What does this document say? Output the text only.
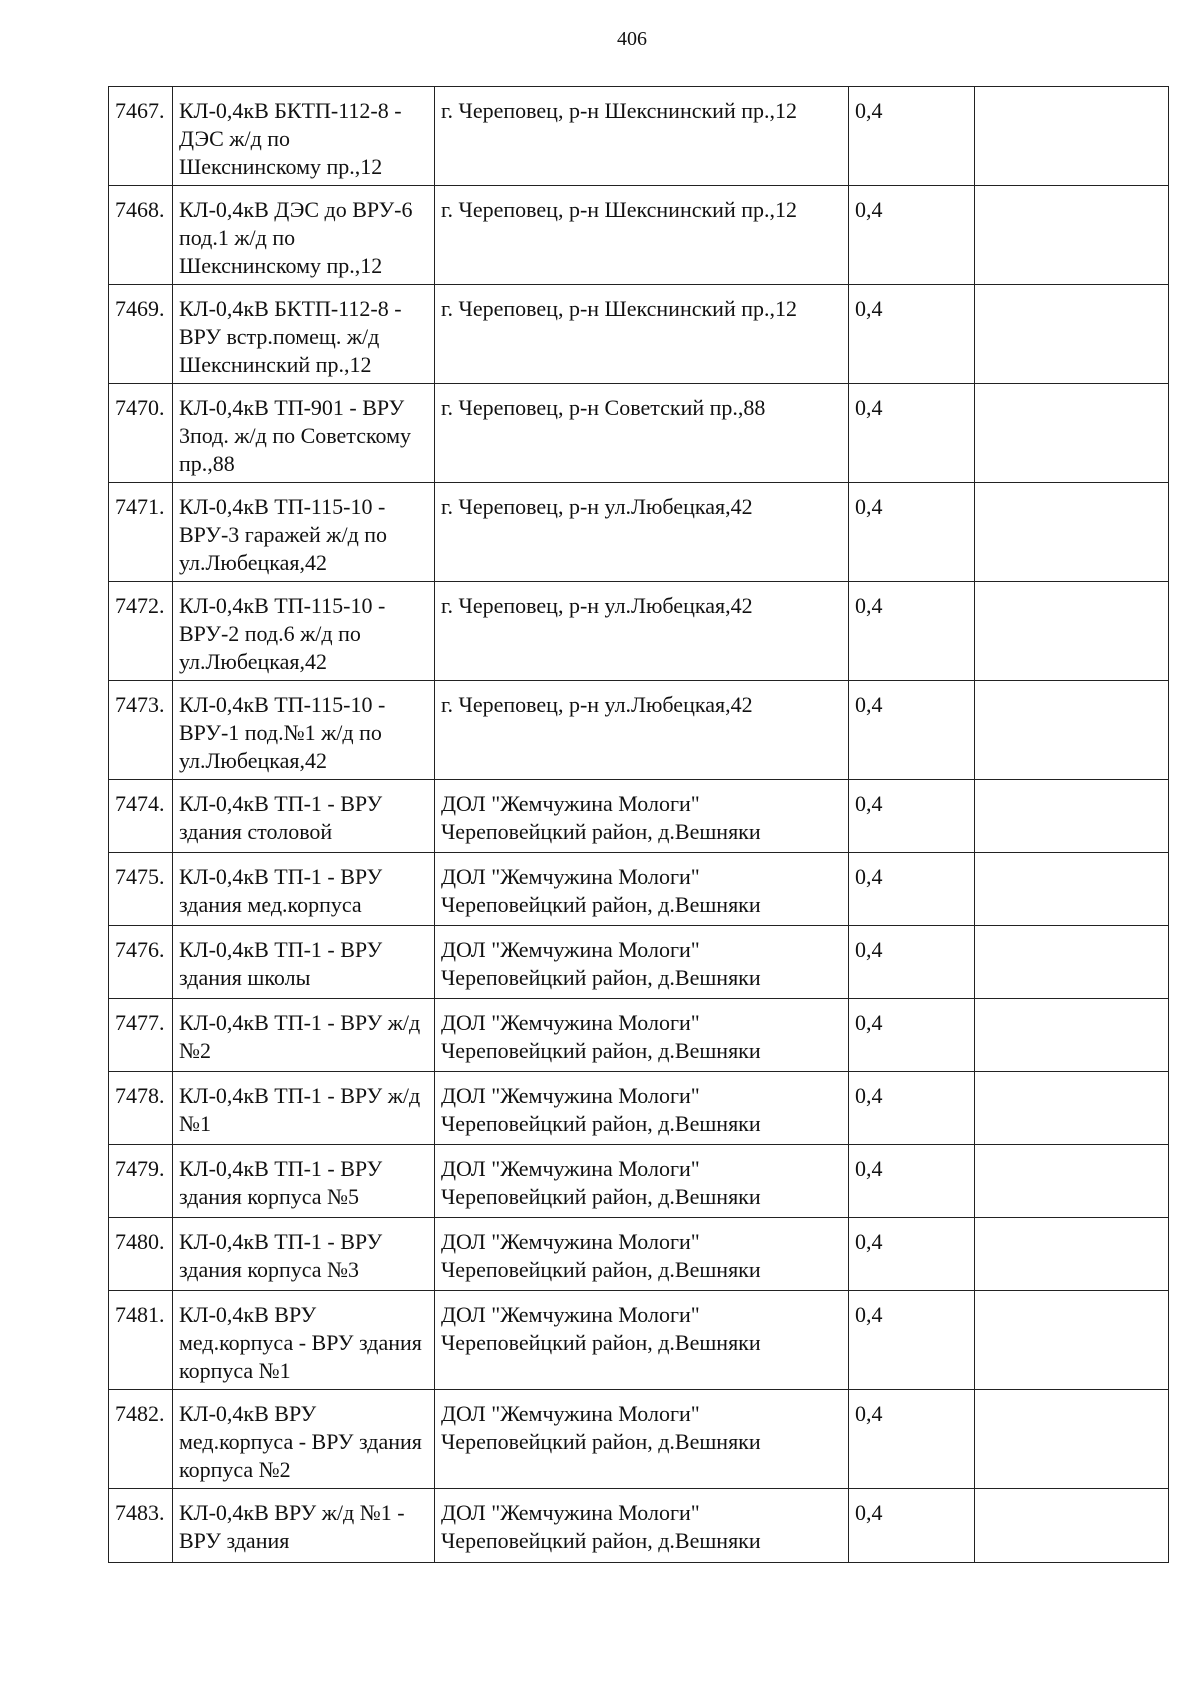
406
7467.	КЛ-0,4кВ БКТП-112-8 - ДЭС ж/д по Шекснинскому пр.,12	г. Череповец, р-н Шекснинский пр.,12	0,4	
7468.	КЛ-0,4кВ ДЭС до ВРУ-6 под.1 ж/д по Шекснинскому пр.,12	г. Череповец, р-н Шекснинский пр.,12	0,4	
7469.	КЛ-0,4кВ БКТП-112-8 - ВРУ встр.помещ. ж/д Шекснинский пр.,12	г. Череповец, р-н Шекснинский пр.,12	0,4	
7470.	КЛ-0,4кВ ТП-901 - ВРУ 3под. ж/д по Советскому пр.,88	г. Череповец, р-н Советский пр.,88	0,4	
7471.	КЛ-0,4кВ ТП-115-10 - ВРУ-3 гаражей ж/д по ул.Любецкая,42	г. Череповец, р-н ул.Любецкая,42	0,4	
7472.	КЛ-0,4кВ ТП-115-10 - ВРУ-2 под.6 ж/д по ул.Любецкая,42	г. Череповец, р-н ул.Любецкая,42	0,4	
7473.	КЛ-0,4кВ ТП-115-10 - ВРУ-1 под.№1 ж/д по ул.Любецкая,42	г. Череповец, р-н ул.Любецкая,42	0,4	
7474.	КЛ-0,4кВ ТП-1 - ВРУ здания столовой	ДОЛ "Жемчужина Мологи" Череповейцкий район, д.Вешняки	0,4	
7475.	КЛ-0,4кВ ТП-1 - ВРУ здания мед.корпуса	ДОЛ "Жемчужина Мологи" Череповейцкий район, д.Вешняки	0,4	
7476.	КЛ-0,4кВ ТП-1 - ВРУ здания школы	ДОЛ "Жемчужина Мологи" Череповейцкий район, д.Вешняки	0,4	
7477.	КЛ-0,4кВ ТП-1 - ВРУ ж/д №2	ДОЛ "Жемчужина Мологи" Череповейцкий район, д.Вешняки	0,4	
7478.	КЛ-0,4кВ ТП-1 - ВРУ ж/д №1	ДОЛ "Жемчужина Мологи" Череповейцкий район, д.Вешняки	0,4	
7479.	КЛ-0,4кВ ТП-1 - ВРУ здания корпуса №5	ДОЛ "Жемчужина Мологи" Череповейцкий район, д.Вешняки	0,4	
7480.	КЛ-0,4кВ ТП-1 - ВРУ здания корпуса №3	ДОЛ "Жемчужина Мологи" Череповейцкий район, д.Вешняки	0,4	
7481.	КЛ-0,4кВ ВРУ мед.корпуса - ВРУ здания корпуса №1	ДОЛ "Жемчужина Мологи" Череповейцкий район, д.Вешняки	0,4	
7482.	КЛ-0,4кВ ВРУ мед.корпуса - ВРУ здания корпуса №2	ДОЛ "Жемчужина Мологи" Череповейцкий район, д.Вешняки	0,4	
7483.	КЛ-0,4кВ ВРУ ж/д №1 - ВРУ здания	ДОЛ "Жемчужина Мологи" Череповейцкий район, д.Вешняки	0,4	
